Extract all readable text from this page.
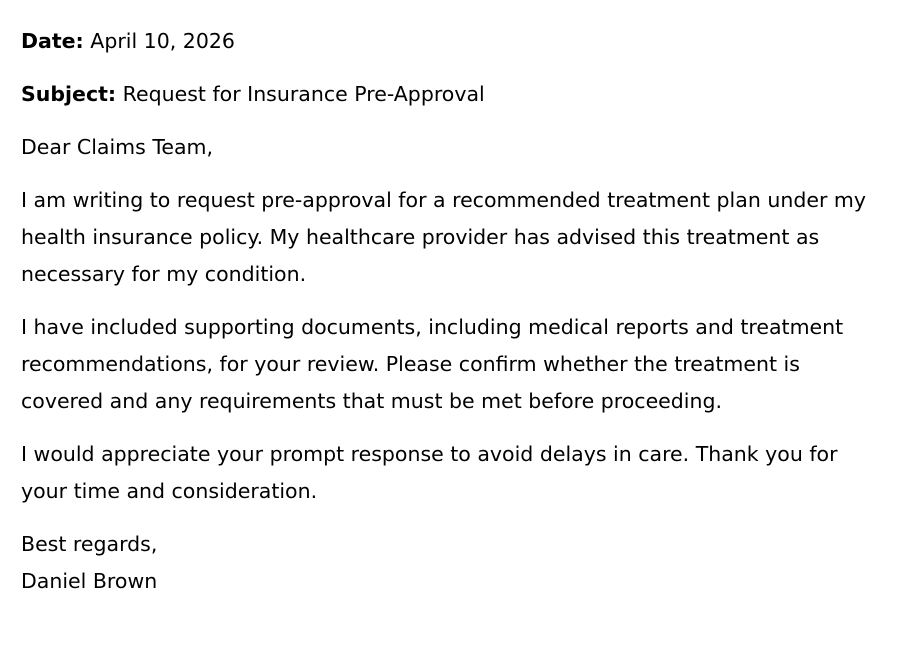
Date: April 10, 2026

Subject: Request for Insurance Pre-Approval

Dear Claims Team,

I am writing to request pre-approval for a recommended treatment plan under my health insurance policy. My healthcare provider has advised this treatment as necessary for my condition.

I have included supporting documents, including medical reports and treatment recommendations, for your review. Please confirm whether the treatment is covered and any requirements that must be met before proceeding.

I would appreciate your prompt response to avoid delays in care. Thank you for your time and consideration.

Best regards,

Daniel Brown
